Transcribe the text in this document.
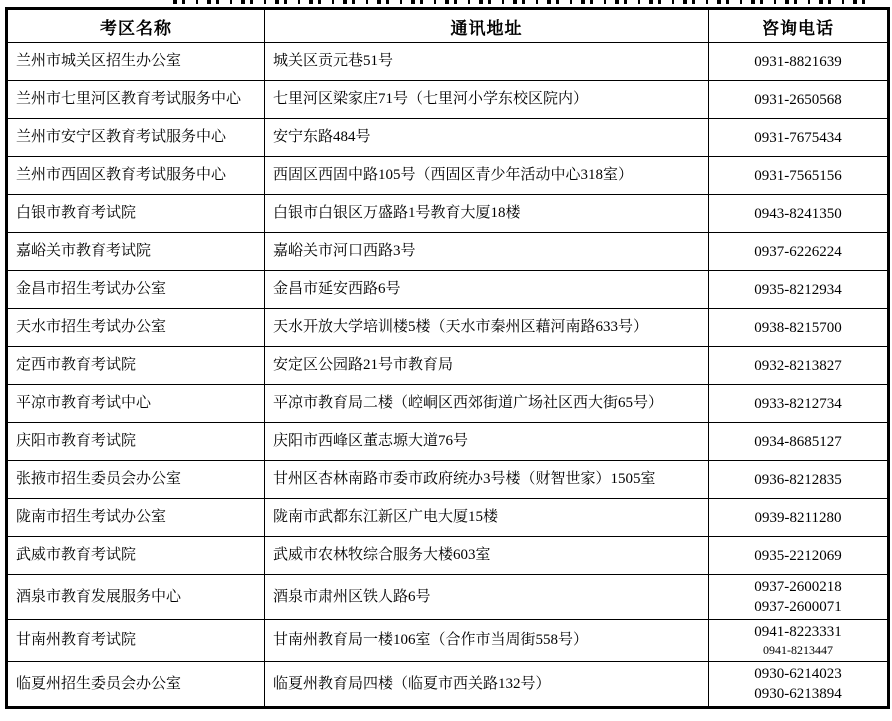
考区名称	通讯地址	咨询电话
兰州市城关区招生办公室	城关区贡元巷51号	0931-8821639

兰州市七里河区教育考试服务中心	七里河区梁家庄71号（七里河小学东校区院内）	0931-2650568

兰州市安宁区教育考试服务中心	安宁东路484号	0931-7675434

兰州市西固区教育考试服务中心	西固区西固中路105号（西固区青少年活动中心318室）	0931-7565156

白银市教育考试院	白银市白银区万盛路1号教育大厦18楼	0943-8241350

嘉峪关市教育考试院	嘉峪关市河口西路3号	0937-6226224

金昌市招生考试办公室	金昌市延安西路6号	0935-8212934

天水市招生考试办公室	天水开放大学培训楼5楼（天水市秦州区藉河南路633号）	0938-8215700

定西市教育考试院	安定区公园路21号市教育局	0932-8213827

平凉市教育考试中心	平凉市教育局二楼（崆峒区西郊街道广场社区西大街65号）	0933-8212734

庆阳市教育考试院	庆阳市西峰区董志塬大道76号	0934-8685127

张掖市招生委员会办公室	甘州区杏林南路市委市政府统办3号楼（财智世家）1505室	0936-8212835

陇南市招生考试办公室	陇南市武都东江新区广电大厦15楼	0939-8211280

武威市教育考试院	武威市农林牧综合服务大楼603室	0935-2212069

酒泉市教育发展服务中心	酒泉市肃州区铁人路6号	0937-2600218
0937-2600071

甘南州教育考试院	甘南州教育局一楼106室（合作市当周街558号）	0941-8223331
0941-8213447

临夏州招生委员会办公室	临夏州教育局四楼（临夏市西关路132号）	0930-6214023
0930-6213894
